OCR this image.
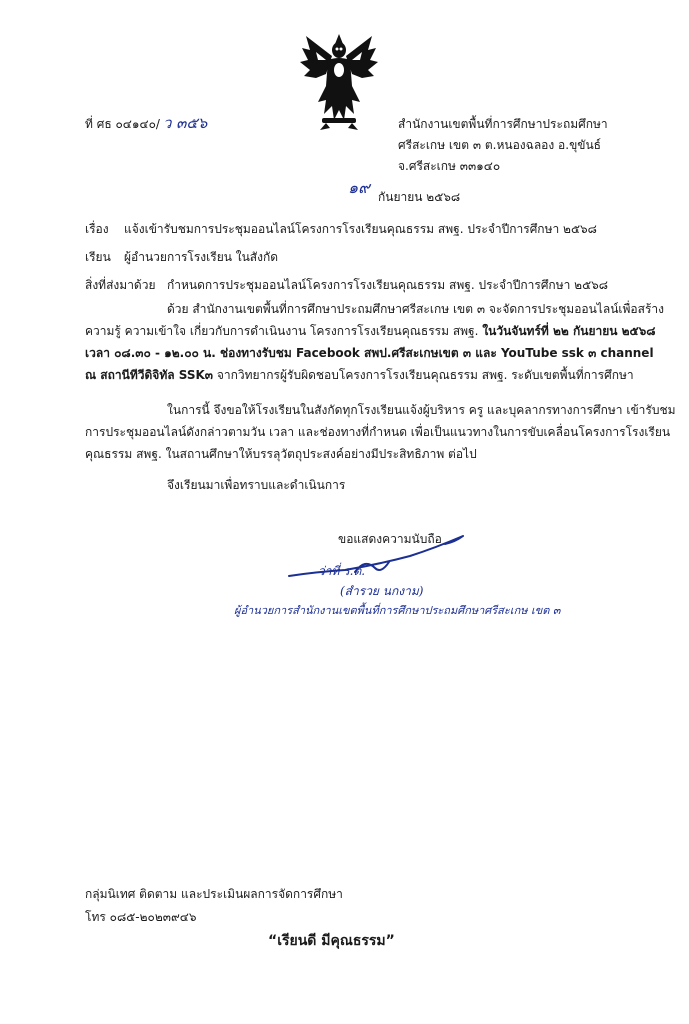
ที่ ศธ ๐๔๑๔๐/ ว ๓๕๖	สำนักงานเขตพื้นที่การศึกษาประถมศึกษา
ศรีสะเกษ เขต ๓ ต.หนองฉลอง อ.ขุขันธ์
จ.ศรีสะเกษ ๓๓๑๔๐
๑๙ กันยายน ๒๕๖๘
เรื่อง แจ้งเข้ารับชมการประชุมออนไลน์โครงการโรงเรียนคุณธรรม สพฐ. ประจำปีการศึกษา ๒๕๖๘
เรียน ผู้อำนวยการโรงเรียน ในสังกัด
สิ่งที่ส่งมาด้วย กำหนดการประชุมออนไลน์โครงการโรงเรียนคุณธรรม สพฐ. ประจำปีการศึกษา ๒๕๖๘
ด้วย สำนักงานเขตพื้นที่การศึกษาประถมศึกษาศรีสะเกษ เขต ๓ จะจัดการประชุมออนไลน์เพื่อสร้าง
ความรู้ ความเข้าใจ เกี่ยวกับการดำเนินงาน โครงการโรงเรียนคุณธรรม สพฐ. ในวันจันทร์ที่ ๒๒ กันยายน ๒๕๖๘
เวลา ๐๘.๓๐ - ๑๒.๐๐ น. ช่องทางรับชม Facebook สพป.ศรีสะเกษเขต ๓ และ YouTube ssk ๓ channel
ณ สถานีทีวีดิจิทัล SSK๓ จากวิทยากรผู้รับผิดชอบโครงการโรงเรียนคุณธรรม สพฐ. ระดับเขตพื้นที่การศึกษา
ในการนี้ จึงขอให้โรงเรียนในสังกัดทุกโรงเรียนแจ้งผู้บริหาร ครู และบุคลากรทางการศึกษา เข้ารับชม
การประชุมออนไลน์ดังกล่าวตามวัน เวลา และช่องทางที่กำหนด เพื่อเป็นแนวทางในการขับเคลื่อนโครงการโรงเรียน
คุณธรรม สพฐ. ในสถานศึกษาให้บรรลุวัตถุประสงค์อย่างมีประสิทธิภาพ ต่อไป
จึงเรียนมาเพื่อทราบและดำเนินการ
ขอแสดงความนับถือ
ว่าที่ ร.ต.
(สำรวย นกงาม)
ผู้อำนวยการสำนักงานเขตพื้นที่การศึกษาประถมศึกษาศรีสะเกษ เขต ๓
กลุ่มนิเทศ ติดตาม และประเมินผลการจัดการศึกษา
โทร ๐๘๕-๒๐๒๓๙๔๖
“เรียนดี มีคุณธรรม”
